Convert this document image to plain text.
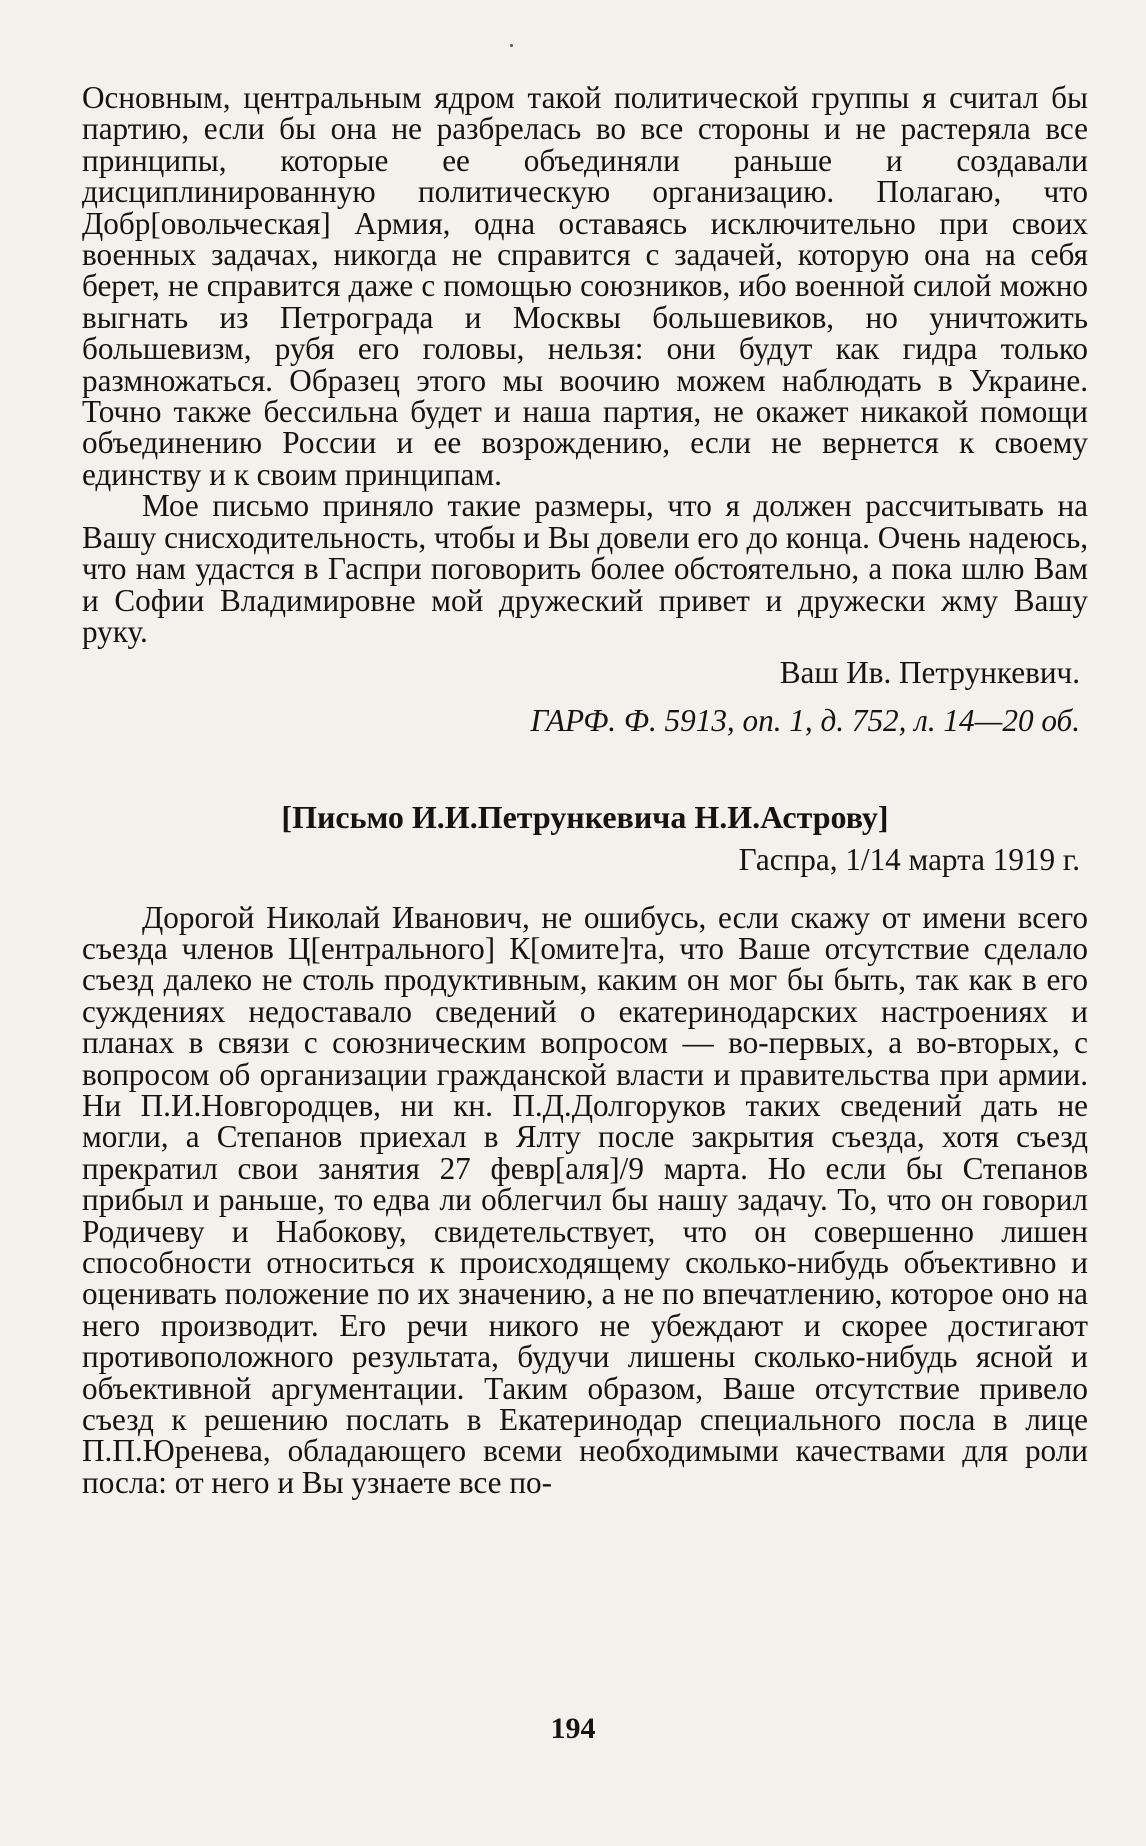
Основным, центральным ядром такой политической группы я считал бы партию, если бы она не разбрелась во все стороны и не растеряла все принципы, которые ее объединяли раньше и создавали дисциплинированную политическую организацию. Полагаю, что Добр[овольческая] Армия, одна оставаясь исключительно при своих военных задачах, никогда не справится с задачей, которую она на себя берет, не справится даже с помощью союзников, ибо военной силой можно выгнать из Петрограда и Москвы большевиков, но уничтожить большевизм, рубя его головы, нельзя: они будут как гидра только размножаться. Образец этого мы воочию можем наблюдать в Украине. Точно также бессильна будет и наша партия, не окажет никакой помощи объединению России и ее возрождению, если не вернется к своему единству и к своим принципам.

Мое письмо приняло такие размеры, что я должен рассчитывать на Вашу снисходительность, чтобы и Вы довели его до конца. Очень надеюсь, что нам удастся в Гаспри поговорить более обстоятельно, а пока шлю Вам и Софии Владимировне мой дружеский привет и дружески жму Вашу руку.

Ваш Ив. Петрункевич.

ГАРФ. Ф. 5913, оп. 1, д. 752, л. 14—20 об.

[Письмо И.И.Петрункевича Н.И.Астрову]

Гаспра, 1/14 марта 1919 г.

Дорогой Николай Иванович, не ошибусь, если скажу от имени всего съезда членов Ц[ентрального] К[омите]та, что Ваше отсутствие сделало съезд далеко не столь продуктивным, каким он мог бы быть, так как в его суждениях недоставало сведений о екатеринодарских настроениях и планах в связи с союзническим вопросом — во-первых, а во-вторых, с вопросом об организации гражданской власти и правительства при армии. Ни П.И.Новгородцев, ни кн. П.Д.Долгоруков таких сведений дать не могли, а Степанов приехал в Ялту после закрытия съезда, хотя съезд прекратил свои занятия 27 февр[аля]/9 марта. Но если бы Степанов прибыл и раньше, то едва ли облегчил бы нашу задачу. То, что он говорил Родичеву и Набокову, свидетельствует, что он совершенно лишен способности относиться к происходящему сколько-нибудь объективно и оценивать положение по их значению, а не по впечатлению, которое оно на него производит. Его речи никого не убеждают и скорее достигают противоположного результата, будучи лишены сколько-нибудь ясной и объективной аргументации. Таким образом, Ваше отсутствие привело съезд к решению послать в Екатеринодар специального посла в лице П.П.Юренева, обладающего всеми необходимыми качествами для роли посла: от него и Вы узнаете все по-

194
